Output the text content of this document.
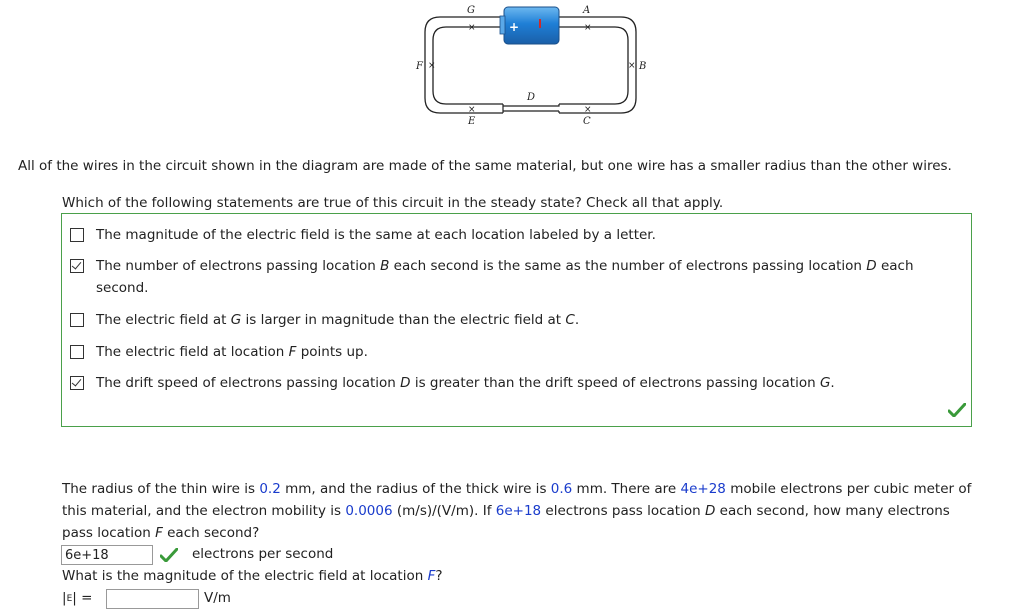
+
×	×
×	×
×	×
G	A
F	B
D
E	C
All of the wires in the circuit shown in the diagram are made of the same material, but one wire has a smaller radius than the other wires.
Which of the following statements are true of this circuit in the steady state? Check all that apply.
The magnitude of the electric field is the same at each location labeled by a letter.
The number of electrons passing location B each second is the same as the number of electrons passing location D each second.
The electric field at G is larger in magnitude than the electric field at C.
The electric field at location F points up.
The drift speed of electrons passing location D is greater than the drift speed of electrons passing location G.
The radius of the thin wire is 0.2 mm, and the radius of the thick wire is 0.6 mm. There are 4e+28 mobile electrons per cubic meter of this material, and the electron mobility is 0.0006 (m/s)/(V/m). If 6e+18 electrons pass location D each second, how many electrons pass location F each second?
6e+18	electrons per second
What is the magnitude of the electric field at location F?
|E| =	V/m
